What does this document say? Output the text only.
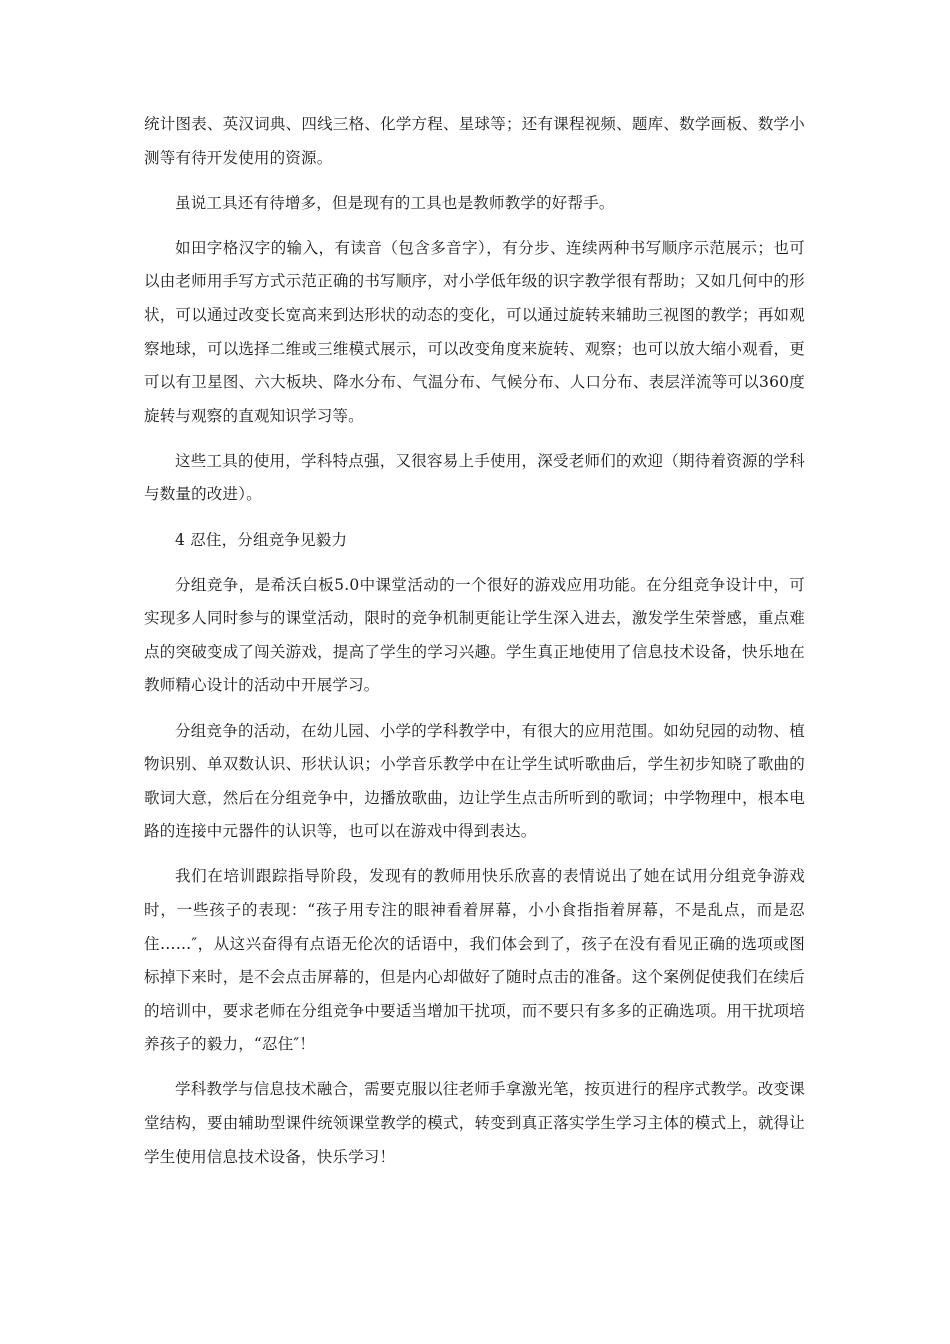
统计图表、英汉词典、四线三格、化学方程、星球等；还有课程视频、题库、数学画板、数学小测等有待开发使用的资源。

虽说工具还有待增多，但是现有的工具也是教师教学的好帮手。

如田字格汉字的输入，有读音（包含多音字），有分步、连续两种书写顺序示范展示；也可以由老师用手写方式示范正确的书写顺序，对小学低年级的识字教学很有帮助；又如几何中的形状，可以通过改变长宽高来到达形状的动态的变化，可以通过旋转来辅助三视图的教学；再如观察地球，可以选择二维或三维模式展示，可以改变角度来旋转、观察；也可以放大缩小观看，更可以有卫星图、六大板块、降水分布、气温分布、气候分布、人口分布、表层洋流等可以360度旋转与观察的直观知识学习等。

这些工具的使用，学科特点强，又很容易上手使用，深受老师们的欢迎（期待着资源的学科与数量的改进）。

4 忍住，分组竞争见毅力

分组竞争，是希沃白板5.0中课堂活动的一个很好的游戏应用功能。在分组竞争设计中，可实现多人同时参与的课堂活动，限时的竞争机制更能让学生深入进去，激发学生荣誉感，重点难点的突破变成了闯关游戏，提高了学生的学习兴趣。学生真正地使用了信息技术设备，快乐地在教师精心设计的活动中开展学习。

分组竞争的活动，在幼儿园、小学的学科教学中，有很大的应用范围。如幼兒园的动物、植物识别、单双数认识、形状认识；小学音乐教学中在让学生试听歌曲后，学生初步知晓了歌曲的歌词大意，然后在分组竞争中，边播放歌曲，边让学生点击所听到的歌词；中学物理中，根本电路的连接中元器件的认识等，也可以在游戏中得到表达。

我们在培训跟踪指导阶段，发现有的教师用快乐欣喜的表情说出了她在试用分组竞争游戏时，一些孩子的表现：“孩子用专注的眼神看着屏幕，小小食指指着屏幕，不是乱点，而是忍住……″，从这兴奋得有点语无伦次的话语中，我们体会到了，孩子在没有看见正确的选项或图标掉下来时，是不会点击屏幕的，但是内心却做好了随时点击的准备。这个案例促使我们在续后的培训中，要求老师在分组竞争中要适当增加干扰项，而不要只有多多的正确选项。用干扰项培养孩子的毅力，“忍住″！

学科教学与信息技术融合，需要克服以往老师手拿激光笔，按页进行的程序式教学。改变课堂结构，要由辅助型课件统领课堂教学的模式，转变到真正落实学生学习主体的模式上，就得让学生使用信息技术设备，快乐学习！
